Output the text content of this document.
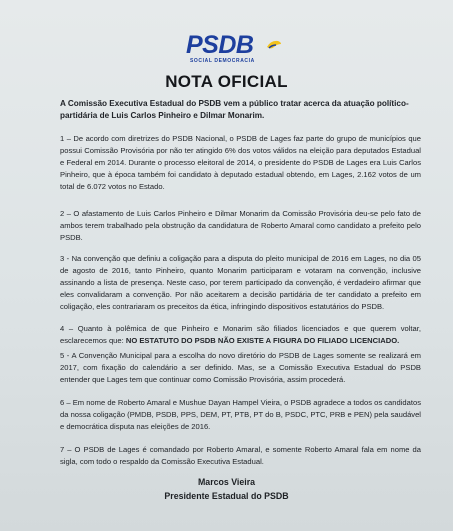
PSDB
SOCIAL DEMOCRACIA
NOTA OFICIAL
A Comissão Executiva Estadual do PSDB vem a público tratar acerca da atuação político-partidária de Luis Carlos Pinheiro e Dilmar Monarim.
1 – De acordo com diretrizes do PSDB Nacional, o PSDB de Lages faz parte do grupo de municípios que possui Comissão Provisória por não ter atingido 6% dos votos válidos na eleição para deputados Estadual e Federal em 2014. Durante o processo eleitoral de 2014, o presidente do PSDB de Lages era Luis Carlos Pinheiro, que à época também foi candidato à deputado estadual obtendo, em Lages, 2.162 votos de um total de 6.072 votos no Estado.
2 – O afastamento de Luis Carlos Pinheiro e Dilmar Monarim da Comissão Provisória deu-se pelo fato de ambos terem trabalhado pela obstrução da candidatura de Roberto Amaral como candidato a prefeito pelo PSDB.
3 - Na convenção que definiu a coligação para a disputa do pleito municipal de 2016 em Lages, no dia 05 de agosto de 2016, tanto Pinheiro, quanto Monarim participaram e votaram na convenção, inclusive assinando a lista de presença. Neste caso, por terem participado da convenção, é verdadeiro afirmar que eles convalidaram a convenção. Por não aceitarem a decisão partidária de ter candidato a prefeito em coligação, eles contrariaram os preceitos da ética, infringindo dispositivos estatutários do PSDB.
4 – Quanto à polêmica de que Pinheiro e Monarim são filiados licenciados e que querem voltar, esclarecemos que: NO ESTATUTO DO PSDB NÃO EXISTE A FIGURA DO FILIADO LICENCIADO.
5 - A Convenção Municipal para a escolha do novo diretório do PSDB de Lages somente se realizará em 2017, com fixação do calendário a ser definido. Mas, se a Comissão Executiva Estadual do PSDB entender que Lages tem que continuar como Comissão Provisória, assim procederá.
6 – Em nome de Roberto Amaral e Mushue Dayan Hampel Vieira, o PSDB agradece a todos os candidatos da nossa coligação (PMDB, PSDB, PPS, DEM, PT, PTB, PT do B, PSDC, PTC, PRB e PEN) pela saudável e democrática disputa nas eleições de 2016.
7 – O PSDB de Lages é comandado por Roberto Amaral, e somente Roberto Amaral fala em nome da sigla, com todo o respaldo da Comissão Executiva Estadual.
Marcos Vieira
Presidente Estadual do PSDB
